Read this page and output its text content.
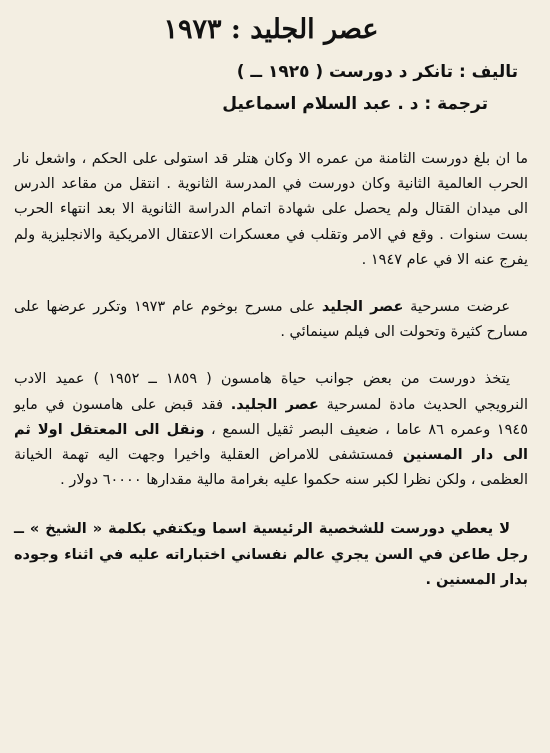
عصر الجليد : ١٩٧٣
تاليف : تانكر د دورست ( ١٩٢٥ ــ )
ترجمة : د . عبد السلام اسماعيل

ما ان بلغ دورست الثامنة من عمره الا وكان هتلر قد استولى على الحكم ، واشعل نار الحرب العالمية الثانية وكان دورست في المدرسة الثانوية . انتقل من مقاعد الدرس الى ميدان القتال ولم يحصل على شهادة اتمام الدراسة الثانوية الا بعد انتهاء الحرب بست سنوات . وقع في الامر وتقلب في معسكرات الاعتقال الامريكية والانجليزية ولم يفرج عنه الا في عام ١٩٤٧ .

عرضت مسرحية عصر الجليد على مسرح بوخوم عام ١٩٧٣ وتكرر عرضها على مسارح كثيرة وتحولت الى فيلم سينمائي .

يتخذ دورست من بعض جوانب حياة هامسون ( ١٨٥٩ ــ ١٩٥٢ ) عميد الادب النرويجي الحديث مادة لمسرحية عصر الجليد. فقد قبض على هامسون في مايو ١٩٤٥ وعمره ٨٦ عاما ، ضعيف البصر ثقيل السمع ، ونقل الى المعتقل اولا ثم الى دار المسنين فمستشفى للامراض العقلية واخيرا وجهت اليه تهمة الخيانة العظمى ، ولكن نظرا لكبر سنه حكموا عليه بغرامة مالية مقدارها ٦٠٠٠٠ دولار .

لا يعطي دورست للشخصية الرئيسية اسما ويكتفي بكلمة « الشيخ » ــ رجل طاعن في السن يجري عالم نفساني اختباراته عليه في اثناء وجوده بدار المسنين .
